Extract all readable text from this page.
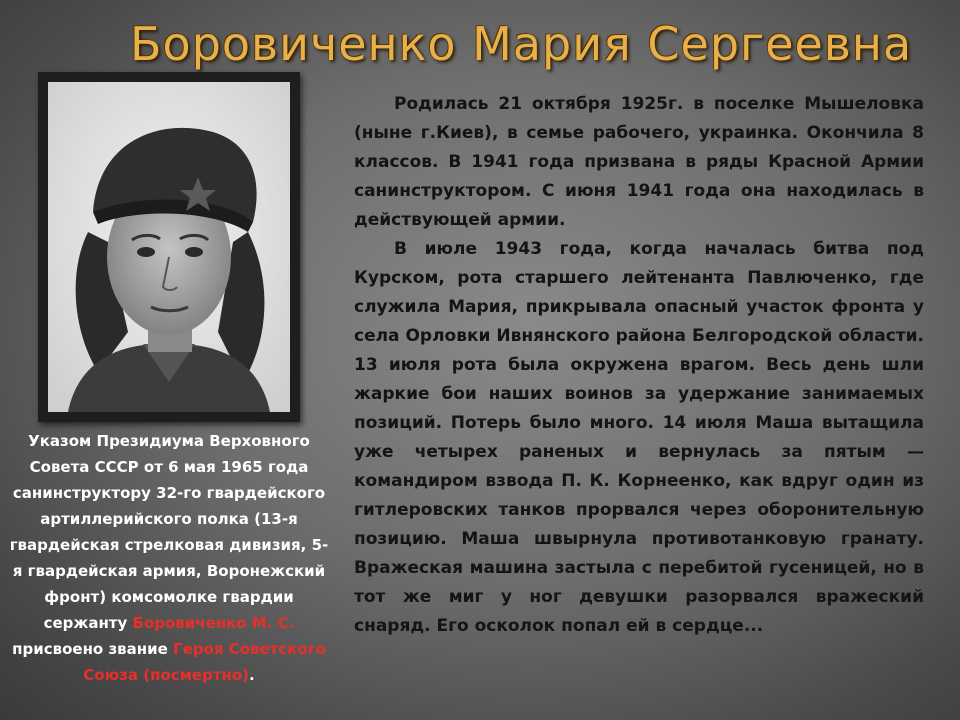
Боровиченко Мария Сергеевна
Указом Президиума Верховного Совета СССР от 6 мая 1965 года санинструктору 32-го гвардейского артиллерийского полка (13-я гвардейская стрелковая дивизия, 5-я гвардейская армия, Воронежский фронт) комсомолке гвардии сержанту Боровиченко М. С. присвоено звание Героя Советского Союза (посмертно).

Родилась 21 октября 1925г. в поселке Мышеловка (ныне г.Киев), в семье рабочего, украинка. Окончила 8 классов. В 1941 года призвана в ряды Красной Армии санинструктором. С июня 1941 года она находилась в действующей армии.

В июле 1943 года, когда началась битва под Курском, рота старшего лейтенанта Павлюченко, где служила Мария, прикрывала опасный участок фронта у села Орловки Ивнянского района Белгородской области. 13 июля рота была окружена врагом. Весь день шли жаркие бои наших воинов за удержание занимаемых позиций. Потерь было много. 14 июля Маша вытащила уже четырех раненых и вернулась за пятым — командиром взвода П. К. Корнеенко, как вдруг один из гитлеровских танков прорвался через оборонительную позицию. Маша швырнула противотанковую гранату. Вражеская машина застыла с перебитой гусеницей, но в тот же миг у ног девушки разорвался вражеский снаряд. Его осколок попал ей в сердце...
